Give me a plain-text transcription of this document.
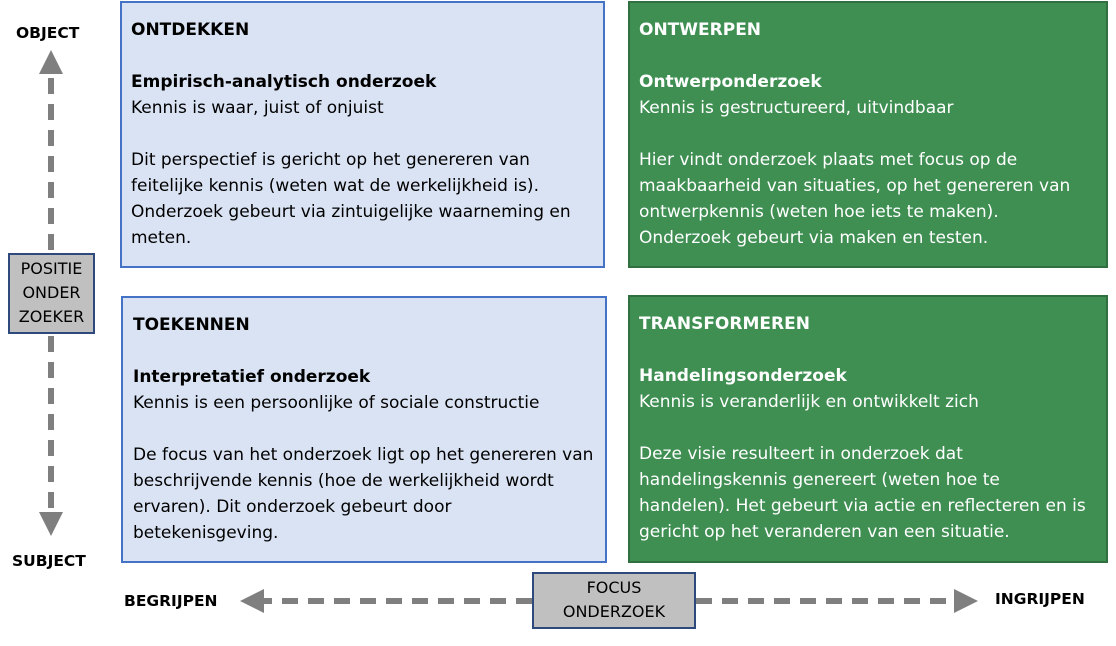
OBJECT
SUBJECT
POSITIE
ONDER
ZOEKER
BEGRIJPEN	INGRIJPEN
FOCUS
ONDERZOEK
ONTDEKKEN
Empirisch-analytisch onderzoek
Kennis is waar, juist of onjuist
Dit perspectief is gericht op het genereren van feitelijke kennis (weten wat de werkelijkheid is). Onderzoek gebeurt via zintuigelijke waarneming en meten.
ONTWERPEN
Ontwerponderzoek
Kennis is gestructureerd, uitvindbaar
Hier vindt onderzoek plaats met focus op de maakbaarheid van situaties, op het genereren van ontwerpkennis (weten hoe iets te maken). Onderzoek gebeurt via maken en testen.
TOEKENNEN
Interpretatief onderzoek
Kennis is een persoonlijke of sociale constructie
De focus van het onderzoek ligt op het genereren van beschrijvende kennis (hoe de werkelijkheid wordt ervaren). Dit onderzoek gebeurt door betekenisgeving.
TRANSFORMEREN
Handelingsonderzoek
Kennis is veranderlijk en ontwikkelt zich
Deze visie resulteert in onderzoek dat handelingskennis genereert (weten hoe te handelen). Het gebeurt via actie en reflecteren en is gericht op het veranderen van een situatie.
